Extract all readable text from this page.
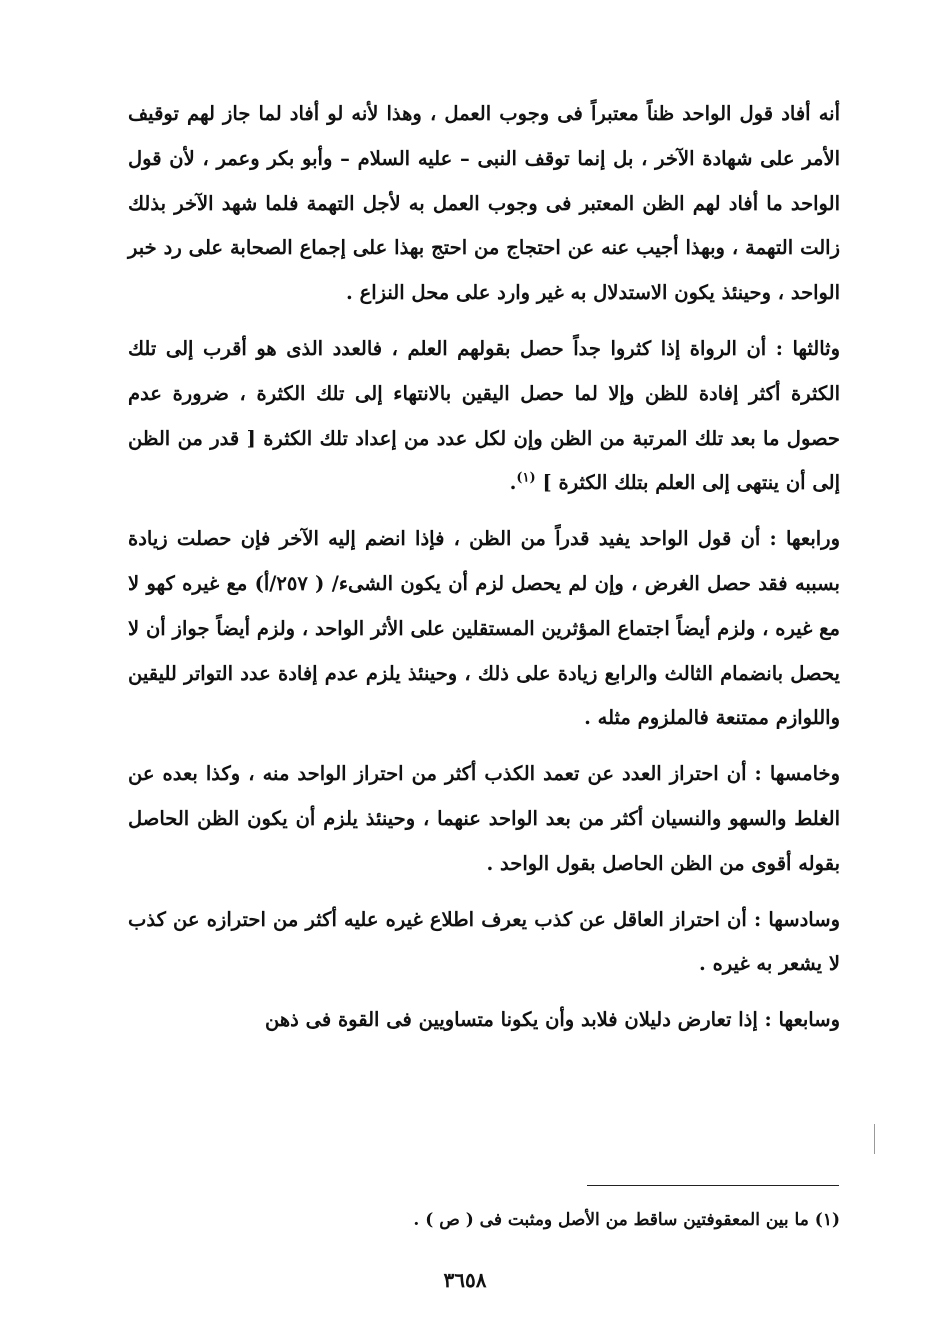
أنه أفاد قول الواحد ظناً معتبراً فى وجوب العمل ، وهذا لأنه لو أفاد لما جاز لهم توقيف الأمر على شهادة الآخر ، بل إنما توقف النبى – عليه السلام – وأبو بكر وعمر ، لأن قول الواحد ما أفاد لهم الظن المعتبر فى وجوب العمل به لأجل التهمة فلما شهد الآخر بذلك زالت التهمة ، وبهذا أجيب عنه عن احتجاج من احتج بهذا على إجماع الصحابة على رد خبر الواحد ، وحينئذ يكون الاستدلال به غير وارد على محل النزاع .

وثالثها : أن الرواة إذا كثروا جداً حصل بقولهم العلم ، فالعدد الذى هو أقرب إلى تلك الكثرة أكثر إفادة للظن وإلا لما حصل اليقين بالانتهاء إلى تلك الكثرة ، ضرورة عدم حصول ما بعد تلك المرتبة من الظن وإن لكل عدد من إعداد تلك الكثرة [ قدر من الظن إلى أن ينتهى إلى العلم بتلك الكثرة ] $^{(١)}$.

ورابعها : أن قول الواحد يفيد قدراً من الظن ، فإذا انضم إليه الآخر فإن حصلت زيادة بسببه فقد حصل الغرض ، وإن لم يحصل لزم أن يكون الشىء/ ( ٢٥٧/أ) مع غيره كهو لا مع غيره ، ولزم أيضاً اجتماع المؤثرين المستقلين على الأثر الواحد ، ولزم أيضاً جواز أن لا يحصل بانضمام الثالث والرابع زيادة على ذلك ، وحينئذ يلزم عدم إفادة عدد التواتر لليقين واللوازم ممتنعة فالملزوم مثله .

وخامسها : أن احتراز العدد عن تعمد الكذب أكثر من احتراز الواحد منه ، وكذا بعده عن الغلط والسهو والنسيان أكثر من بعد الواحد عنهما ، وحينئذ يلزم أن يكون الظن الحاصل بقوله أقوى من الظن الحاصل بقول الواحد .

وسادسها : أن احتراز العاقل عن كذب يعرف اطلاع غيره عليه أكثر من احترازه عن كذب لا يشعر به غيره .

وسابعها : إذا تعارض دليلان فلابد وأن يكونا متساويين فى القوة فى ذهن

(١) ما بين المعقوفتين ساقط من الأصل ومثبت فى ( ص ) .
٣٦٥٨
